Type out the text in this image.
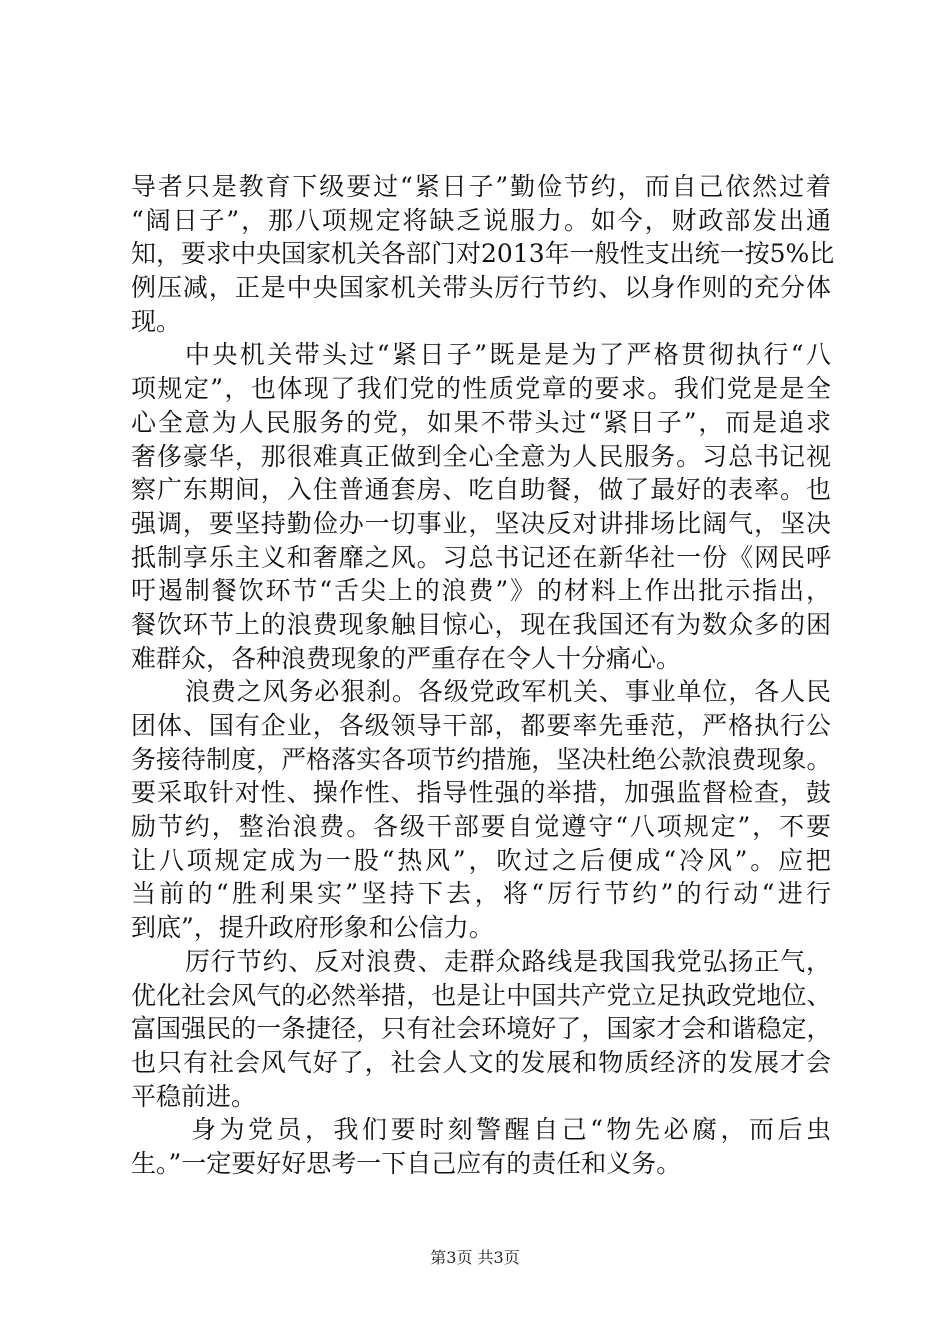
导者只是教育下级要过“紧日子”勤俭节约，而自己依然过着
“阔日子”，那八项规定将缺乏说服力。如今，财政部发出通
知，要求中央国家机关各部门对2013年一般性支出统一按5%比
例压减，正是中央国家机关带头厉行节约、以身作则的充分体
现。
中央机关带头过“紧日子”既是是为了严格贯彻执行“八
项规定”，也体现了我们党的性质党章的要求。我们党是是全
心全意为人民服务的党，如果不带头过“紧日子”，而是追求
奢侈豪华，那很难真正做到全心全意为人民服务。习总书记视
察广东期间，入住普通套房、吃自助餐，做了最好的表率。也
强调，要坚持勤俭办一切事业，坚决反对讲排场比阔气，坚决
抵制享乐主义和奢靡之风。习总书记还在新华社一份《网民呼
吁遏制餐饮环节“舌尖上的浪费”》的材料上作出批示指出，
餐饮环节上的浪费现象触目惊心，现在我国还有为数众多的困
难群众，各种浪费现象的严重存在令人十分痛心。
浪费之风务必狠刹。各级党政军机关、事业单位，各人民
团体、国有企业，各级领导干部，都要率先垂范，严格执行公
务接待制度，严格落实各项节约措施，坚决杜绝公款浪费现象。
要采取针对性、操作性、指导性强的举措，加强监督检查，鼓
励节约，整治浪费。各级干部要自觉遵守“八项规定”，不要
让八项规定成为一股“热风”，吹过之后便成“冷风”。应把
当前的“胜利果实”坚持下去，将“厉行节约”的行动“进行
到底”，提升政府形象和公信力。
厉行节约、反对浪费、走群众路线是我国我党弘扬正气，
优化社会风气的必然举措，也是让中国共产党立足执政党地位、
富国强民的一条捷径，只有社会环境好了，国家才会和谐稳定，
也只有社会风气好了，社会人文的发展和物质经济的发展才会
平稳前进。
身为党员，我们要时刻警醒自己“物先必腐，而后虫
生。”一定要好好思考一下自己应有的责任和义务。
第3页 共3页
